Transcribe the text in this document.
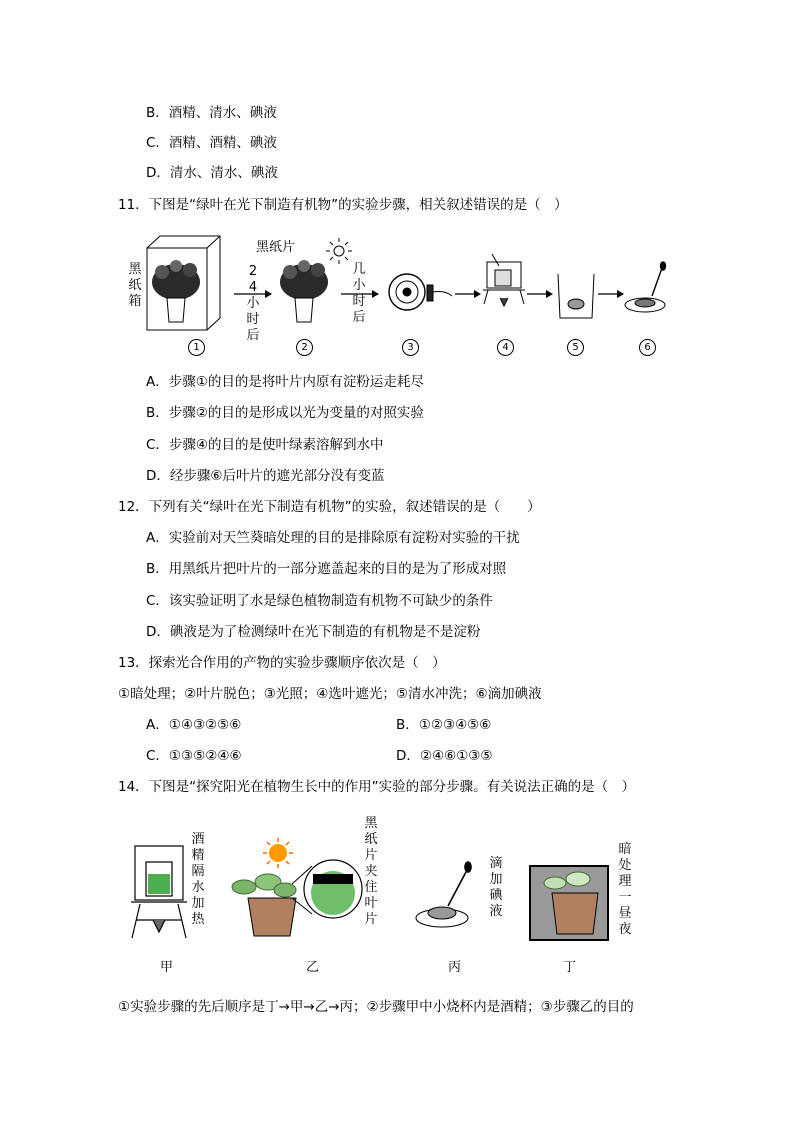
B．酒精、清水、碘液
C．酒精、酒精、碘液
D．清水、清水、碘液
11．下图是“绿叶在光下制造有机物”的实验步骤，相关叙述错误的是（　）
黑纸箱
黑纸片
24小时后
几小时后
1	2	3	4	5	6
A．步骤①的目的是将叶片内原有淀粉运走耗尽
B．步骤②的目的是形成以光为变量的对照实验
C．步骤④的目的是使叶绿素溶解到水中
D．经步骤⑥后叶片的遮光部分没有变蓝
12．下列有关“绿叶在光下制造有机物”的实验，叙述错误的是（　　）
A．实验前对天竺葵暗处理的目的是排除原有淀粉对实验的干扰
B．用黑纸片把叶片的一部分遮盖起来的目的是为了形成对照
C．该实验证明了水是绿色植物制造有机物不可缺少的条件
D．碘液是为了检测绿叶在光下制造的有机物是不是淀粉
13．探索光合作用的产物的实验步骤顺序依次是（　）
①暗处理；②叶片脱色；③光照；④选叶遮光；⑤清水冲洗；⑥滴加碘液
A．①④③②⑤⑥	B．①②③④⑤⑥
C．①③⑤②④⑥	D．②④⑥①③⑤
14．下图是“探究阳光在植物生长中的作用”实验的部分步骤。有关说法正确的是（　）
酒精隔水加热
黑纸片夹住叶片
滴加碘液
暗处理一昼夜
甲	乙	丙	丁
①实验步骤的先后顺序是丁→甲→乙→丙；②步骤甲中小烧杯内是酒精；③步骤乙的目的
